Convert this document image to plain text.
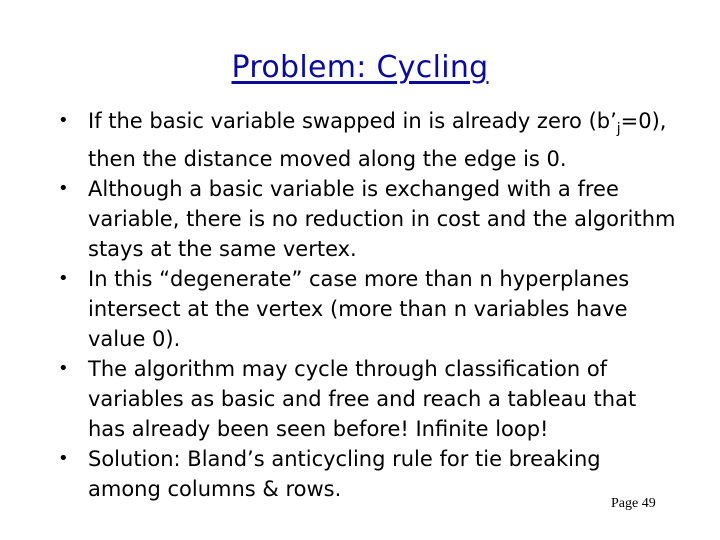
Problem: Cycling
• If the basic variable swapped in is already zero $(b’_j=0)$, then the distance moved along the edge is 0.
• Although a basic variable is exchanged with a free variable, there is no reduction in cost and the algorithm stays at the same vertex.
• In this “degenerate” case more than n hyperplanes intersect at the vertex (more than n variables have value 0).
• The algorithm may cycle through classification of variables as basic and free and reach a tableau that has already been seen before! Infinite loop!
• Solution: Bland’s anticycling rule for tie breaking among columns & rows.
Page 49
